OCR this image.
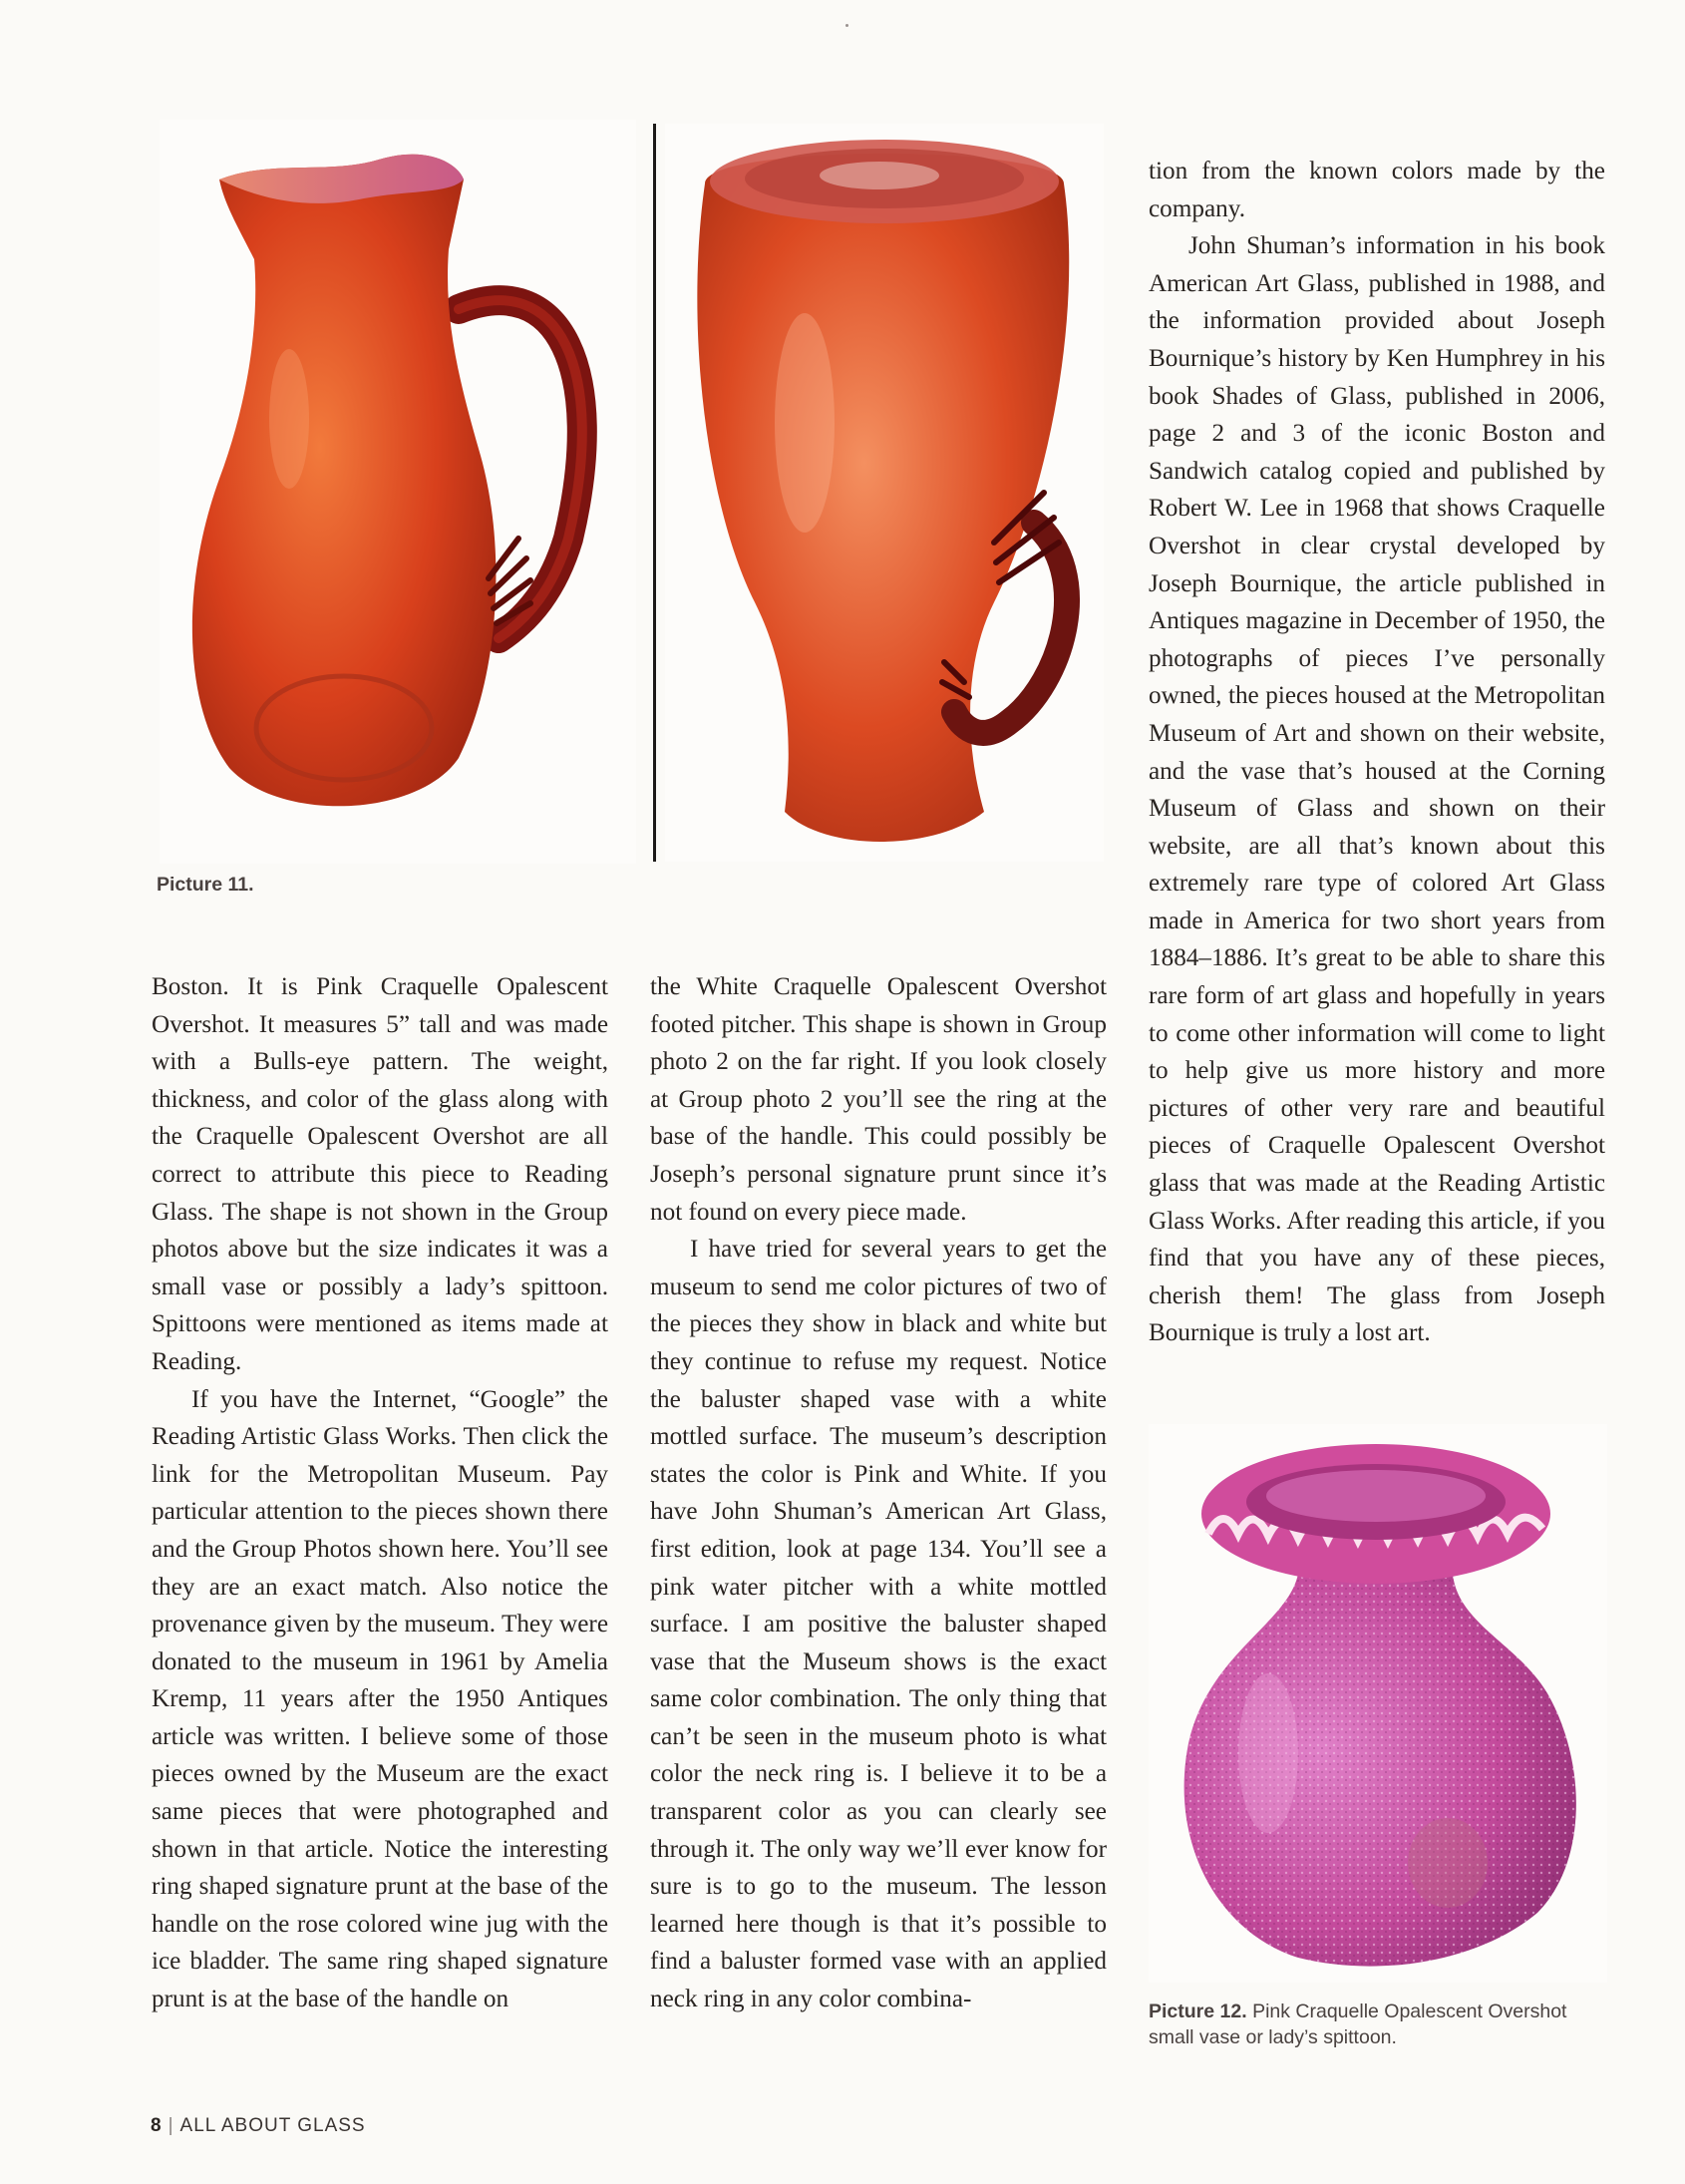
Picture 11.

Boston. It is Pink Craquelle Opalescent Overshot. It measures 5” tall and was made with a Bulls-eye pattern. The weight, thickness, and color of the glass along with the Craquelle Opalescent Overshot are all correct to attribute this piece to Reading Glass. The shape is not shown in the Group photos above but the size indicates it was a small vase or possibly a lady’s spittoon. Spittoons were mentioned as items made at Reading.

If you have the Internet, “Google” the Reading Artistic Glass Works. Then click the link for the Metropolitan Museum. Pay particular attention to the pieces shown there and the Group Photos shown here. You’ll see they are an exact match. Also notice the provenance given by the museum. They were donated to the museum in 1961 by Amelia Kremp, 11 years after the 1950 Antiques article was written. I believe some of those pieces owned by the Museum are the exact same pieces that were photographed and shown in that article. Notice the interesting ring shaped signature prunt at the base of the handle on the rose colored wine jug with the ice bladder. The same ring shaped signature prunt is at the base of the handle on

the White Craquelle Opalescent Overshot footed pitcher. This shape is shown in Group photo 2 on the far right. If you look closely at Group photo 2 you’ll see the ring at the base of the handle. This could possibly be Joseph’s personal signature prunt since it’s not found on every piece made.

I have tried for several years to get the museum to send me color pictures of two of the pieces they show in black and white but they continue to refuse my request. Notice the baluster shaped vase with a white mottled surface. The museum’s description states the color is Pink and White. If you have John Shuman’s American Art Glass, first edition, look at page 134. You’ll see a pink water pitcher with a white mottled surface. I am positive the baluster shaped vase that the Museum shows is the exact same color combination. The only thing that can’t be seen in the museum photo is what color the neck ring is. I believe it to be a transparent color as you can clearly see through it. The only way we’ll ever know for sure is to go to the museum. The lesson learned here though is that it’s possible to find a baluster formed vase with an applied neck ring in any color combina-

tion from the known colors made by the company.

John Shuman’s information in his book American Art Glass, published in 1988, and the information provided about Joseph Bournique’s history by Ken Humphrey in his book Shades of Glass, published in 2006, page 2 and 3 of the iconic Boston and Sandwich catalog copied and published by Robert W. Lee in 1968 that shows Craquelle Overshot in clear crystal developed by Joseph Bournique, the article published in Antiques magazine in December of 1950, the photographs of pieces I’ve personally owned, the pieces housed at the Metropolitan Museum of Art and shown on their website, and the vase that’s housed at the Corning Museum of Glass and shown on their website, are all that’s known about this extremely rare type of colored Art Glass made in America for two short years from 1884–1886. It’s great to be able to share this rare form of art glass and hopefully in years to come other information will come to light to help give us more history and more pictures of other very rare and beautiful pieces of Craquelle Opalescent Overshot glass that was made at the Reading Artistic Glass Works. After reading this article, if you find that you have any of these pieces, cherish them! The glass from Joseph Bournique is truly a lost art.

Picture 12. Pink Craquelle Opalescent Overshot
small vase or lady’s spittoon.
8 | ALL ABOUT GLASS
